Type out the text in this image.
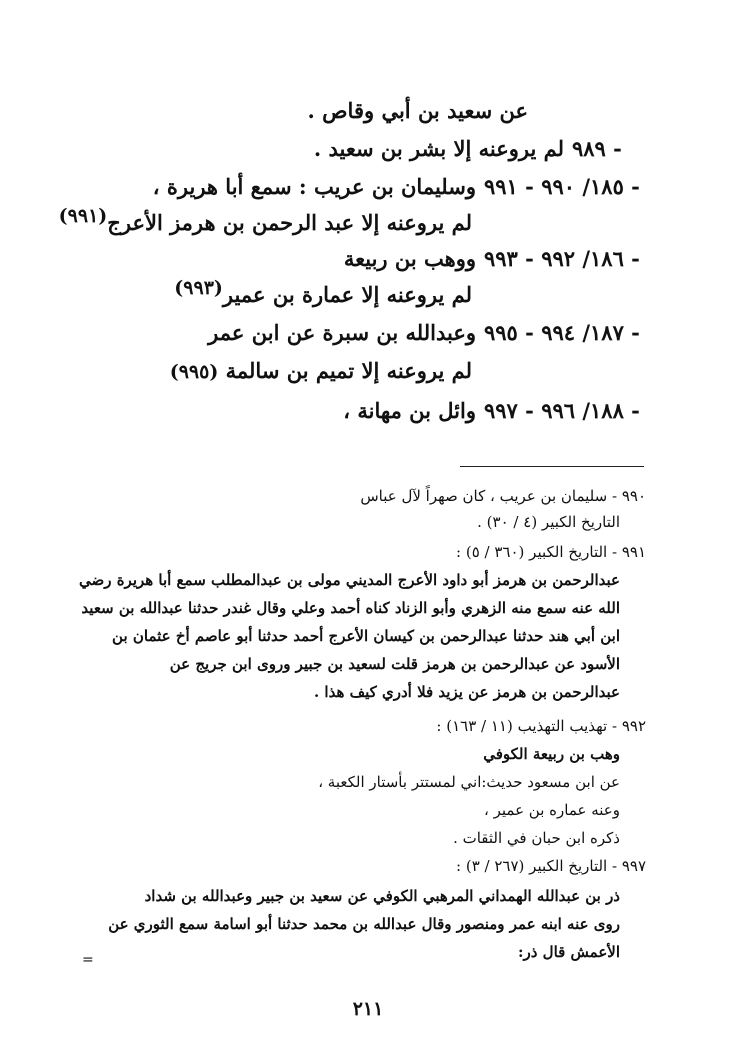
عن سعيد بن أبي وقاص .
٩٨٩ -
لم يروعنه إلا بشر بن سعيد .
١٨٥/ ٩٩٠ - ٩٩١ -
وسليمان بن عريب : سمع أبا هريرة ،
لم يروعنه إلا عبد الرحمن بن هرمز الأعرج(٩٩١)
١٨٦/ ٩٩٢ - ٩٩٣ -
ووهب بن ربيعة
لم يروعنه إلا عمارة بن عمير(٩٩٣)
١٨٧/ ٩٩٤ - ٩٩٥ -
وعبدالله بن سبرة عن ابن عمر
لم يروعنه إلا تميم بن سالمة (٩٩٥)
١٨٨/ ٩٩٦ - ٩٩٧ -
وائل بن مهانة ،
٩٩٠ - سليمان بن عريب ، كان صهراً لآل عباس
التاريخ الكبير (٤ / ٣٠) .
٩٩١ - التاريخ الكبير (٣٦٠ / ٥) :
عبدالرحمن بن هرمز أبو داود الأعرج المديني مولى بن عبدالمطلب سمع أبا هريرة رضي
الله عنه سمع منه الزهري وأبو الزناد كناه أحمد وعلي وقال غندر حدثنا عبدالله بن سعيد
ابن أبي هند حدثنا عبدالرحمن بن كيسان الأعرج أحمد حدثنا أبو عاصم أخ عثمان بن
الأسود عن عبدالرحمن بن هرمز قلت لسعيد بن جبير وروى ابن جريج عن
عبدالرحمن بن هرمز عن يزيد فلا أدري كيف هذا .
٩٩٢ - تهذيب التهذيب (١١ / ١٦٣) :
وهب بن ربيعة الكوفي
عن ابن مسعود حديث:اني لمستتر بأستار الكعبة ،
وعنه عماره بن عمير ،
ذكره ابن حبان في الثقات .
٩٩٧ - التاريخ الكبير (٢٦٧ / ٣) :
ذر بن عبدالله الهمداني المرهبي الكوفي عن سعيد بن جبير وعبدالله بن شداد
روى عنه ابنه عمر ومنصور وقال عبدالله بن محمد حدثنا أبو اسامة سمع الثوري عن
الأعمش قال ذر:
=
٢١١
